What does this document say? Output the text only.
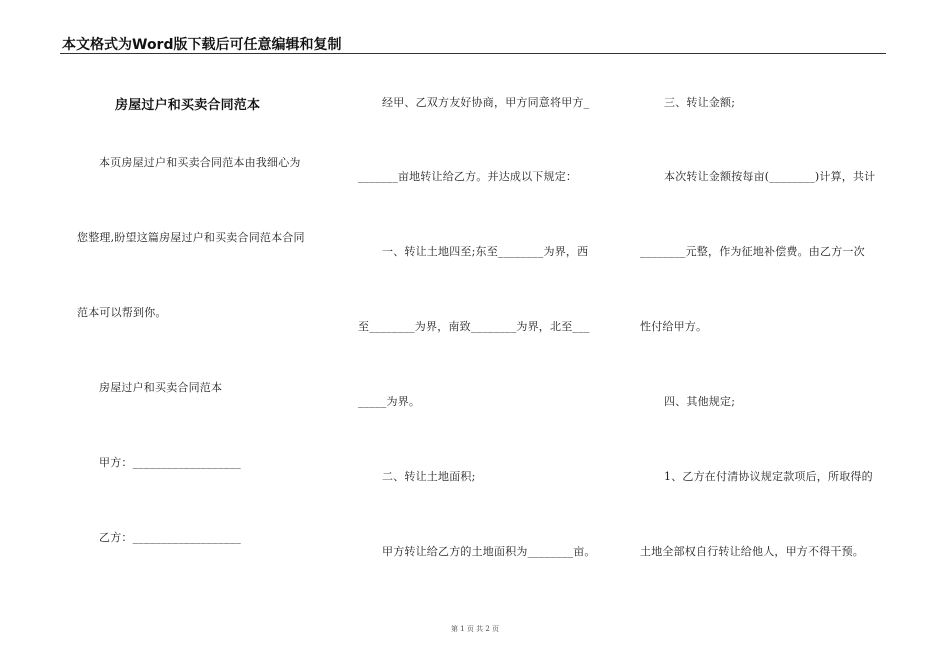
本文格式为Word版下载后可任意编辑和复制
房屋过户和买卖合同范本
本页房屋过户和买卖合同范本由我细心为
您整理,盼望这篇房屋过户和买卖合同范本合同
范本可以帮到你。
房屋过户和买卖合同范本
甲方：___________________
乙方：___________________
经甲、乙双方友好协商，甲方同意将甲方_
_______亩地转让给乙方。并达成以下规定：
一、转让土地四至;东至________为界，西
至________为界，南致________为界，北至___
_____为界。
二、转让土地面积;
甲方转让给乙方的土地面积为________亩。
三、转让金额;
本次转让金额按每亩(________)计算，共计
________元整，作为征地补偿费。由乙方一次
性付给甲方。
四、其他规定;
1、乙方在付清协议规定款项后，所取得的
土地全部权自行转让给他人，甲方不得干预。
第 1 页 共 2 页
